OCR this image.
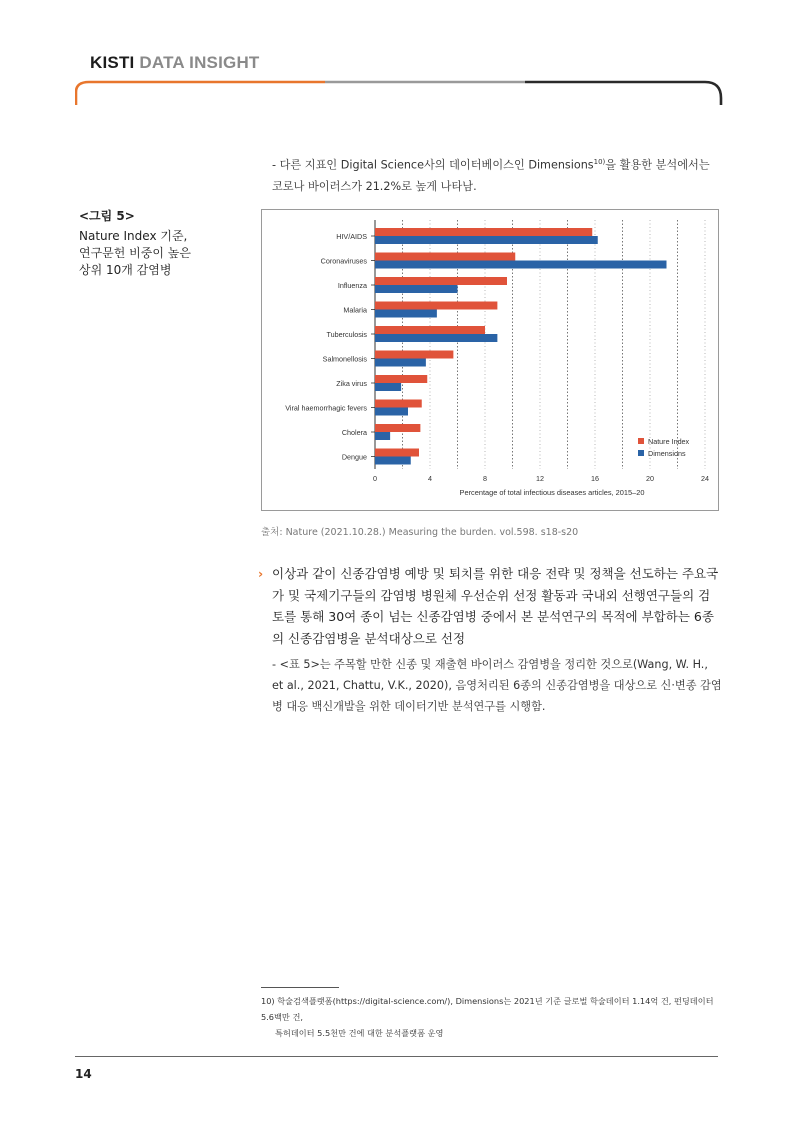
KISTI DATA INSIGHT
- 다른 지표인 Digital Science사의 데이터베이스인 Dimensions$^{10)}$을 활용한 분석에서는 코로나 바이러스가 21.2%로 높게 나타남.
<그림 5>
Nature Index 기준,
연구문헌 비중이 높은
상위 10개 감염병
HIV/AIDS
Coronaviruses
Influenza
Malaria
Tuberculosis
Salmonellosis
Zika virus
Viral haemorrhagic fevers
Cholera
Dengue
0	4	8	12	16	20	24
Percentage of total infectious diseases articles, 2015–20
Nature Index
Dimensions
출처: Nature (2021.10.28.) Measuring the burden. vol.598. s18-s20
› 이상과 같이 신종감염병 예방 및 퇴치를 위한 대응 전략 및 정책을 선도하는 주요국가 및 국제기구들의 감염병 병원체 우선순위 선정 활동과 국내외 선행연구들의 검토를 통해 30여 종이 넘는 신종감염병 중에서 본 분석연구의 목적에 부합하는 6종의 신종감염병을 분석대상으로 선정
- <표 5>는 주목할 만한 신종 및 재출현 바이러스 감염병을 정리한 것으로(Wang, W. H., et al., 2021, Chattu, V.K., 2020), 음영처리된 6종의 신종감염병을 대상으로 신·변종 감염병 대응 백신개발을 위한 데이터기반 분석연구를 시행함.
10) 학술검색플랫폼(https://digital-science.com/), Dimensions는 2021년 기준 글로벌 학술데이터 1.14억 건, 펀딩데이터 5.6백만 건,
특허데이터 5.5천만 건에 대한 분석플랫폼 운영
14
